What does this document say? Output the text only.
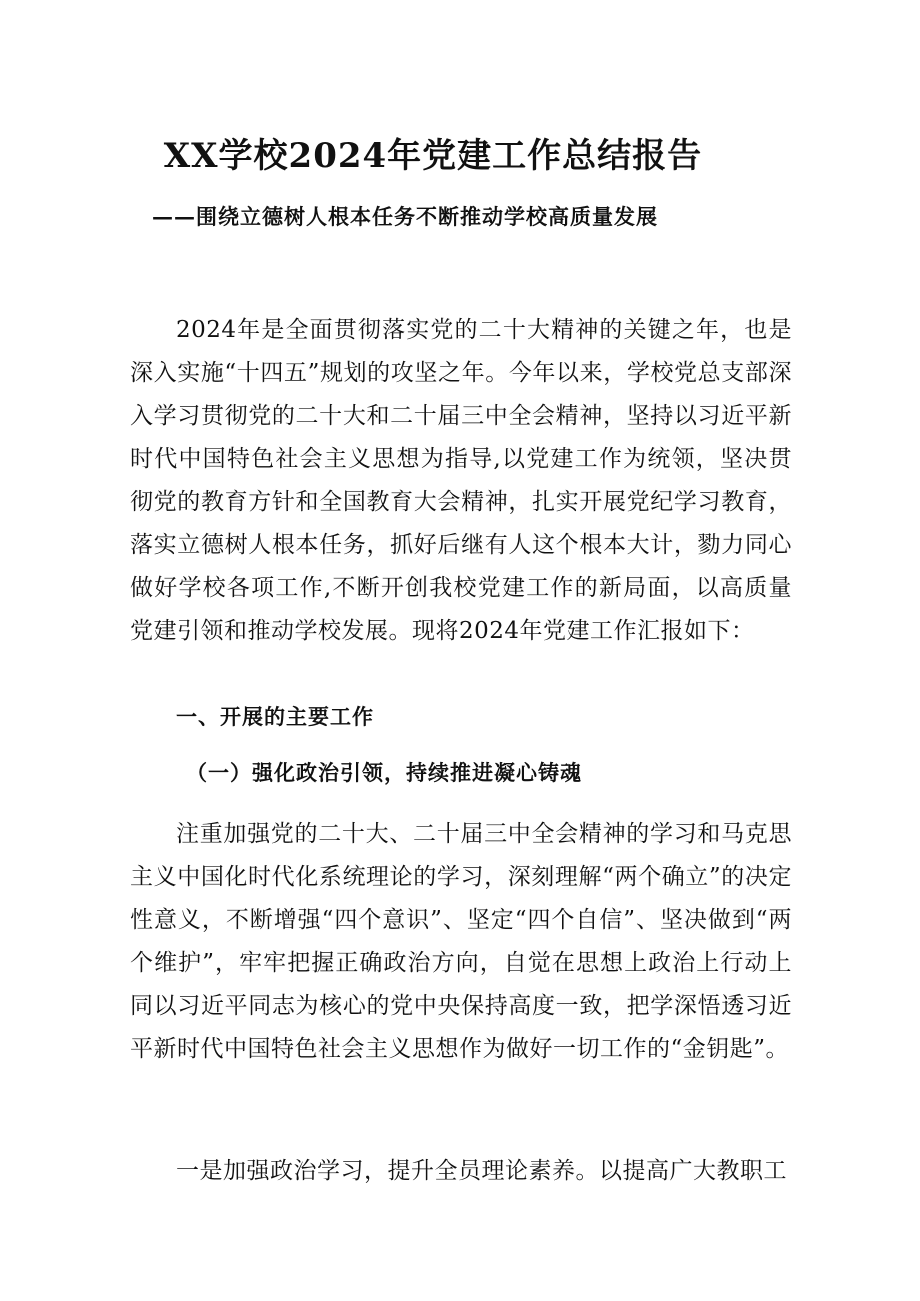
XX学校2024年党建工作总结报告
——围绕立德树人根本任务不断推动学校高质量发展

2024年是全面贯彻落实党的二十大精神的关键之年，也是深入实施“十四五”规划的攻坚之年。今年以来，学校党总支部深入学习贯彻党的二十大和二十届三中全会精神，坚持以习近平新时代中国特色社会主义思想为指导,以党建工作为统领，坚决贯彻党的教育方针和全国教育大会精神，扎实开展党纪学习教育，落实立德树人根本任务，抓好后继有人这个根本大计，勠力同心做好学校各项工作,不断开创我校党建工作的新局面，以高质量党建引领和推动学校发展。现将2024年党建工作汇报如下：

一、开展的主要工作
（一）强化政治引领，持续推进凝心铸魂

注重加强党的二十大、二十届三中全会精神的学习和马克思主义中国化时代化系统理论的学习，深刻理解“两个确立”的决定性意义，不断增强“四个意识”、坚定“四个自信”、坚决做到“两个维护”，牢牢把握正确政治方向，自觉在思想上政治上行动上同以习近平同志为核心的党中央保持高度一致，把学深悟透习近平新时代中国特色社会主义思想作为做好一切工作的“金钥匙”。

一是加强政治学习，提升全员理论素养。以提高广大教职工
